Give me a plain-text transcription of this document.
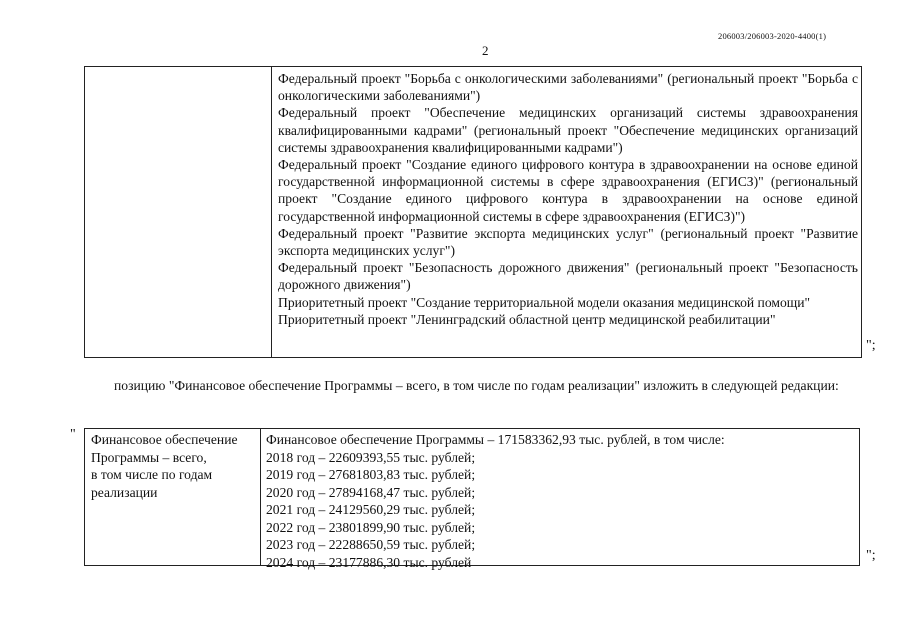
206003/206003-2020-4400(1)
2

Федеральный проект "Борьба с онкологическими заболеваниями" (региональный проект "Борьба с онкологическими заболеваниями")

Федеральный проект "Обеспечение медицинских организаций системы здравоохранения квалифицированными кадрами" (региональный проект "Обеспечение медицинских организаций системы здравоохранения квалифицированными кадрами")

Федеральный проект "Создание единого цифрового контура в здравоохранении на основе единой государственной информационной системы в сфере здравоохранения (ЕГИСЗ)" (региональный проект "Создание единого цифрового контура в здравоохранении на основе единой государственной информационной системы в сфере здравоохранения (ЕГИСЗ)")

Федеральный проект "Развитие экспорта медицинских услуг" (региональный проект "Развитие экспорта медицинских услуг")

Федеральный проект "Безопасность дорожного движения" (региональный проект "Безопасность дорожного движения")

Приоритетный проект "Создание территориальной модели оказания медицинской помощи"

Приоритетный проект "Ленинградский областной центр медицинской реабилитации"

";
позицию "Финансовое обеспечение Программы – всего, в том числе по годам реализации" изложить в следующей редакции:
" Финансовое обеспечение
Программы – всего,
в том числе по годам
реализации
Финансовое обеспечение Программы – 171583362,93 тыс. рублей, в том числе:
2018 год – 22609393,55 тыс. рублей;
2019 год – 27681803,83 тыс. рублей;
2020 год – 27894168,47 тыс. рублей;
2021 год – 24129560,29 тыс. рублей;
2022 год – 23801899,90 тыс. рублей;
2023 год – 22288650,59 тыс. рублей;
2024 год – 23177886,30 тыс. рублей	";
